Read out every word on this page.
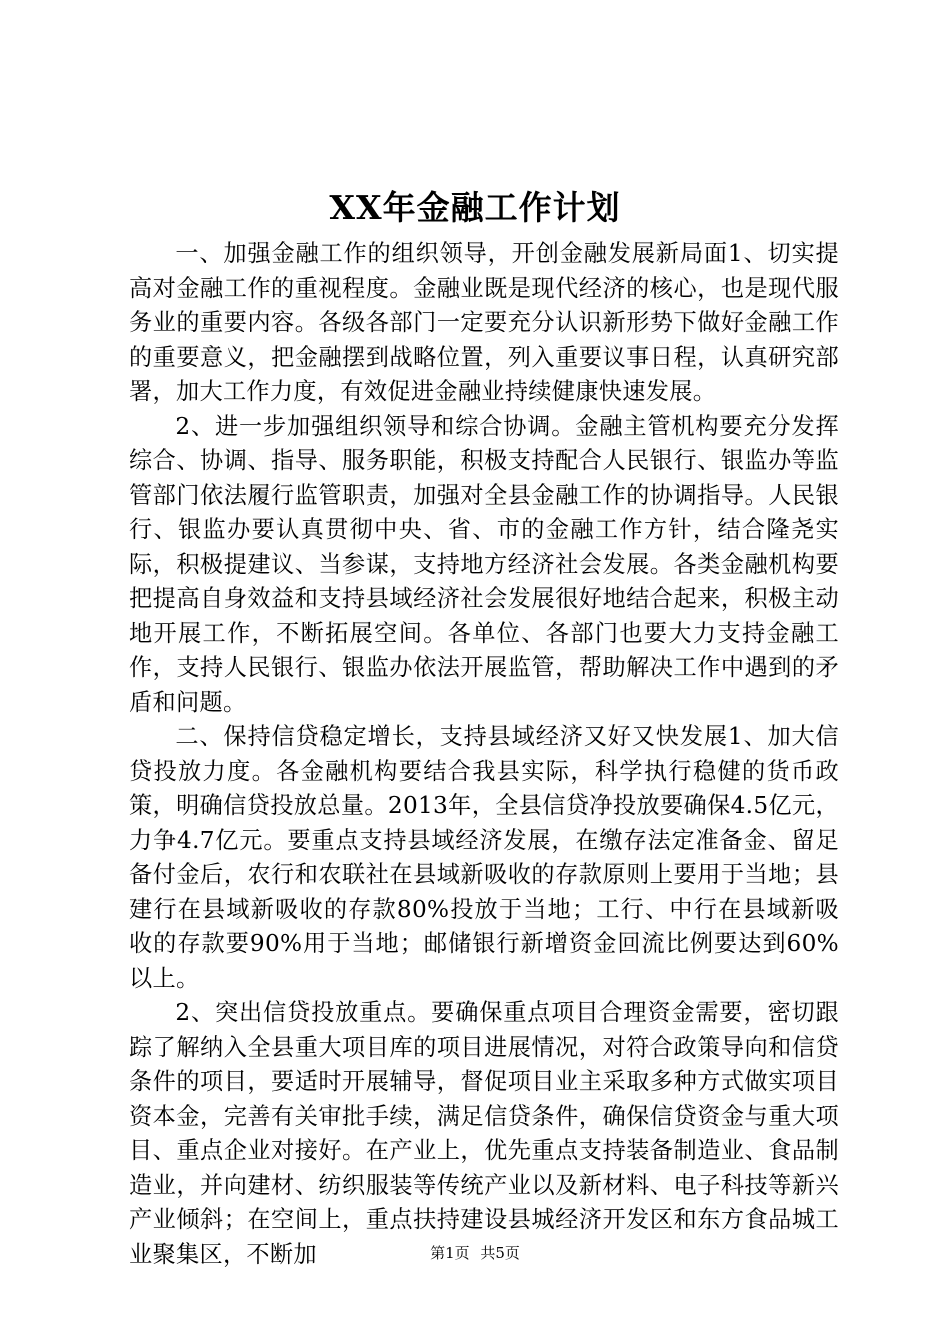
XX年金融工作计划

一、加强金融工作的组织领导，开创金融发展新局面1、切实提高对金融工作的重视程度。金融业既是现代经济的核心，也是现代服务业的重要内容。各级各部门一定要充分认识新形势下做好金融工作的重要意义，把金融摆到战略位置，列入重要议事日程，认真研究部署，加大工作力度，有效促进金融业持续健康快速发展。

2、进一步加强组织领导和综合协调。金融主管机构要充分发挥综合、协调、指导、服务职能，积极支持配合人民银行、银监办等监管部门依法履行监管职责，加强对全县金融工作的协调指导。人民银行、银监办要认真贯彻中央、省、市的金融工作方针，结合隆尧实际，积极提建议、当参谋，支持地方经济社会发展。各类金融机构要把提高自身效益和支持县域经济社会发展很好地结合起来，积极主动地开展工作，不断拓展空间。各单位、各部门也要大力支持金融工作，支持人民银行、银监办依法开展监管，帮助解决工作中遇到的矛盾和问题。

二、保持信贷稳定增长，支持县域经济又好又快发展1、加大信贷投放力度。各金融机构要结合我县实际，科学执行稳健的货币政策，明确信贷投放总量。2013年，全县信贷净投放要确保4.5亿元，力争4.7亿元。要重点支持县域经济发展，在缴存法定准备金、留足备付金后，农行和农联社在县域新吸收的存款原则上要用于当地；县建行在县域新吸收的存款80%投放于当地；工行、中行在县域新吸收的存款要90%用于当地；邮储银行新增资金回流比例要达到60%以上。

2、突出信贷投放重点。要确保重点项目合理资金需要，密切跟踪了解纳入全县重大项目库的项目进展情况，对符合政策导向和信贷条件的项目，要适时开展辅导，督促项目业主采取多种方式做实项目资本金，完善有关审批手续，满足信贷条件，确保信贷资金与重大项目、重点企业对接好。在产业上，优先重点支持装备制造业、食品制造业，并向建材、纺织服装等传统产业以及新材料、电子科技等新兴产业倾斜；在空间上，重点扶持建设县城经济开发区和东方食品城工业聚集区，不断加	第1页 共5页
